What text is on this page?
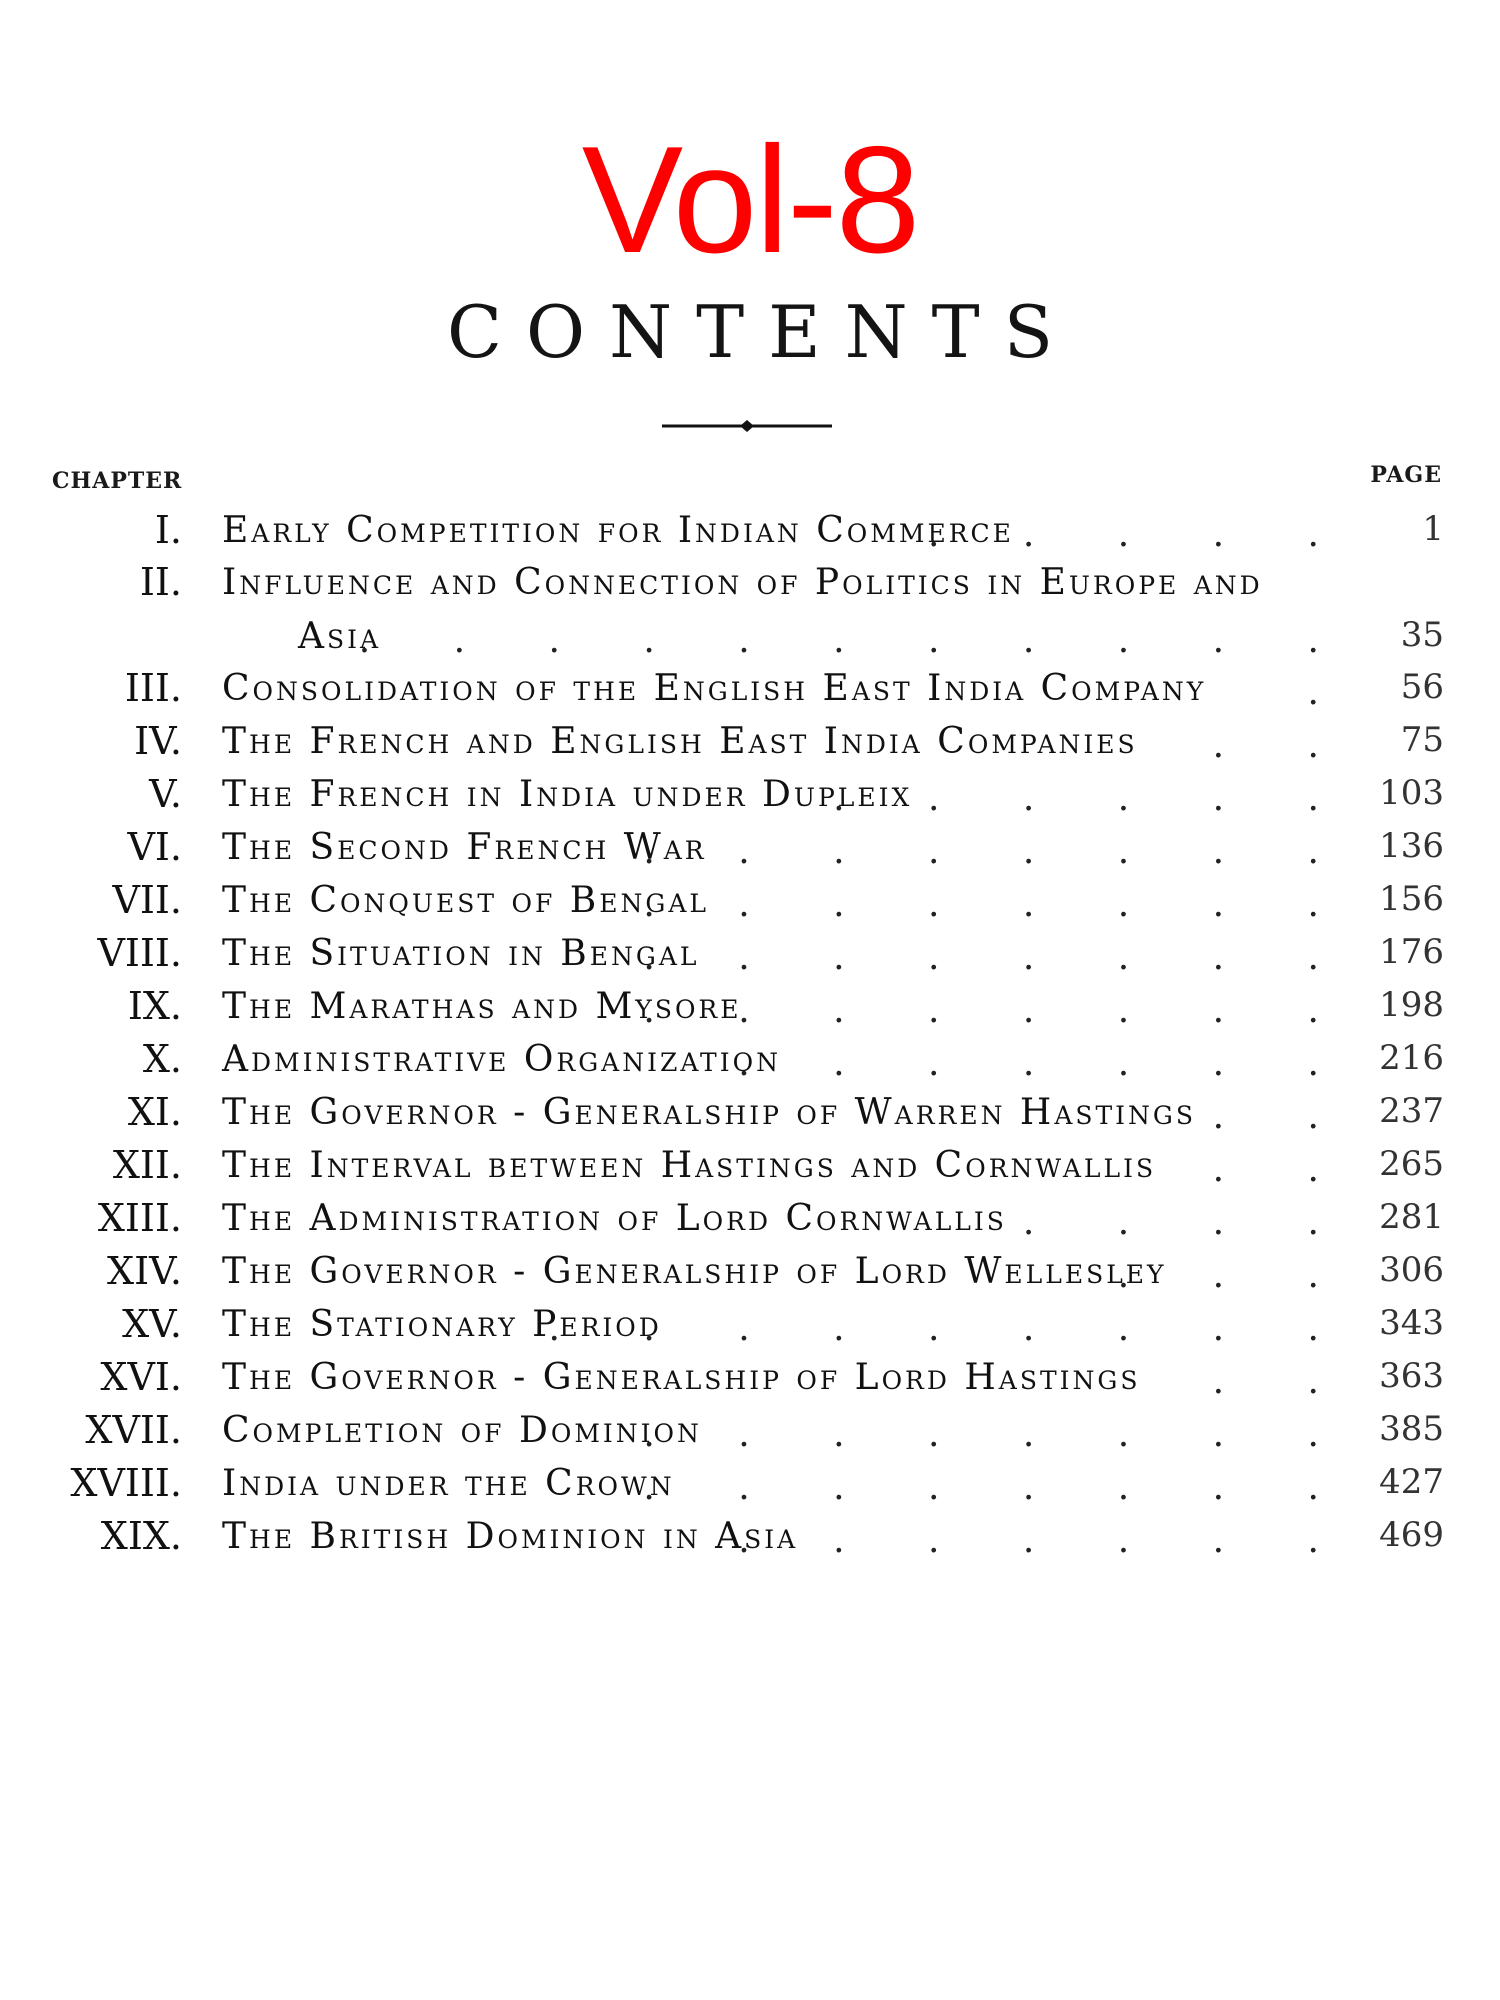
Vol-8
CONTENTS
CHAPTER	PAGE
I. Early Competition for Indian Commerce
. . . . . 1
II. Influence and Connection of Politics in Europe and
Asia
. . . . . . . . . . . 35
III. Consolidation of the English East India Company	. 56
IV. The French and English East India Companies . . 75
V. The French in India under Dupleix
. . . . . . 103
VI. The Second French War
. . . . . . . . 136
VII. The Conquest of Bengal
. . . . . . . . 156
VIII. The Situation in Bengal
. . . . . . . . 176
IX. The Marathas and Mysore
. . . . . . . . 198
X. Administrative Organization
. . . . . . . 216
XI. The Governor - Generalship of Warren Hastings . . 237
XII. The Interval between Hastings and Cornwallis . . 265
XIII. The Administration of Lord Cornwallis . . . . 281
XIV. The Governor - Generalship of Lord Wellesley
. . . 306
XV. The Stationary Period
. . . . . . . . . 343
XVI. The Governor - Generalship of Lord Hastings . . 363
XVII. Completion of Dominion
. . . . . . . . 385
XVIII. India under the Crown
. . . . . . . . 427
XIX. The British Dominion in Asia
. . . . . . . 469
